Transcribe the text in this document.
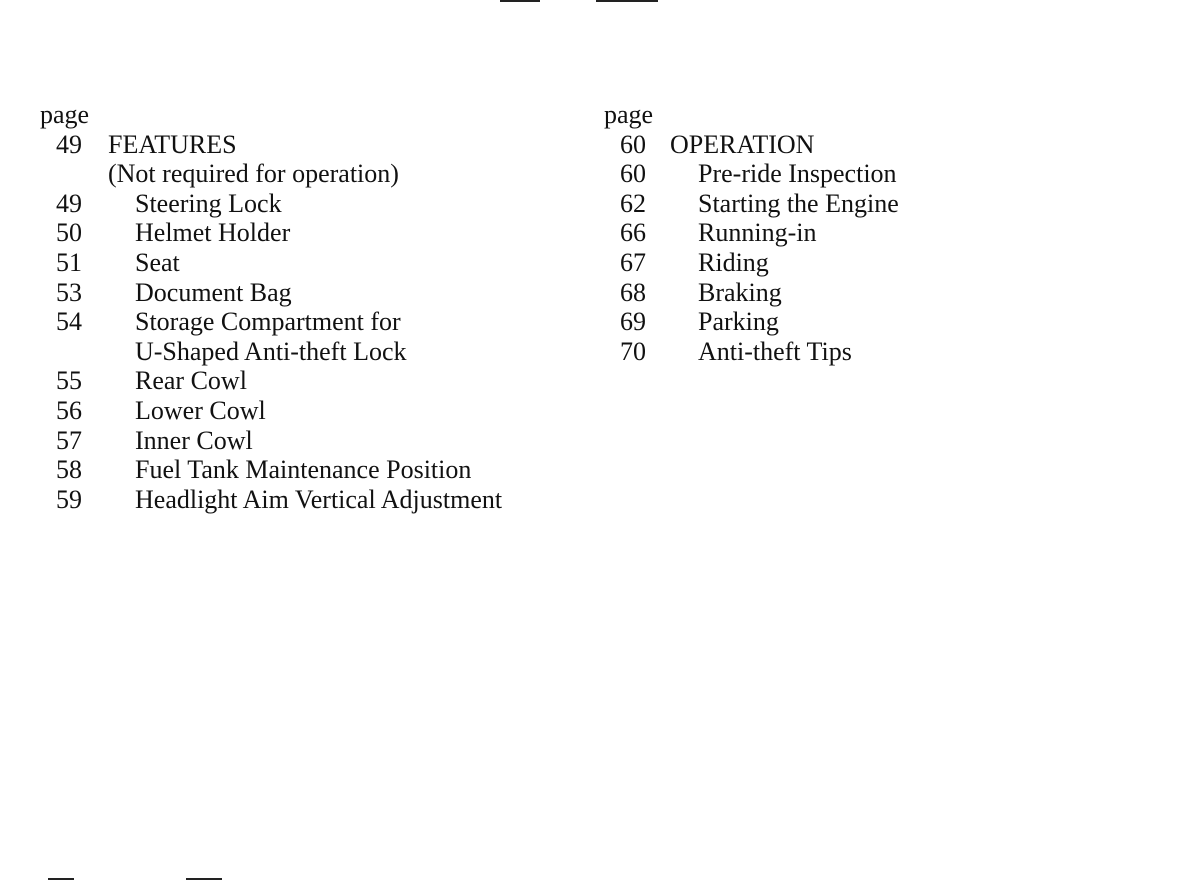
page
49 FEATURES
(Not required for operation)
49 Steering Lock
50 Helmet Holder
51 Seat
53 Document Bag
54 Storage Compartment for
U-Shaped Anti-theft Lock
55 Rear Cowl
56 Lower Cowl
57 Inner Cowl
58 Fuel Tank Maintenance Position
59 Headlight Aim Vertical Adjustment
page
60 OPERATION
60 Pre-ride Inspection
62 Starting the Engine
66 Running-in
67 Riding
68 Braking
69 Parking
70 Anti-theft Tips
